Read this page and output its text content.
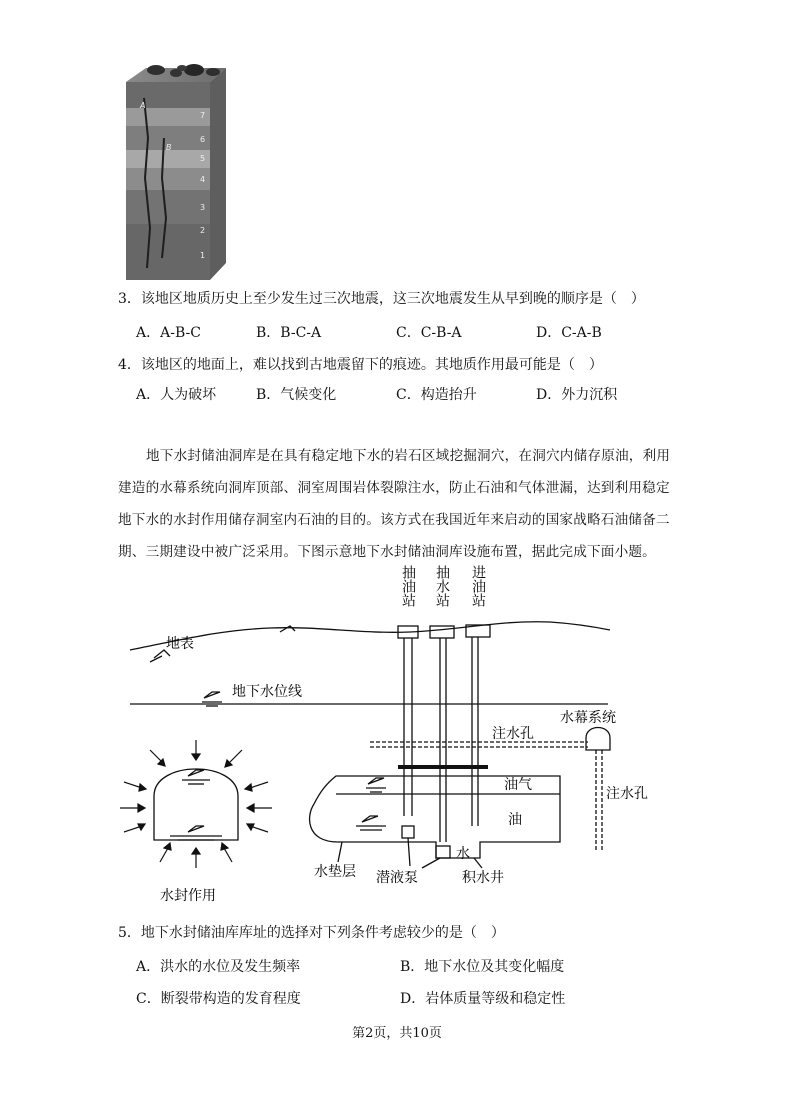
A
B
7
6
5
4
3
2
1
3．该地区地质历史上至少发生过三次地震，这三次地震发生从早到晚的顺序是（　）
A．A-B-C	B．B-C-A	C．C-B-A	D．C-A-B
4．该地区的地面上，难以找到古地震留下的痕迹。其地质作用最可能是（　）
A．人为破坏	B．气候变化	C．构造抬升	D．外力沉积
地下水封储油洞库是在具有稳定地下水的岩石区域挖掘洞穴，在洞穴内储存原油，利用建造的水幕系统向洞库顶部、洞室周围岩体裂隙注水，防止石油和气体泄漏，达到利用稳定地下水的水封作用储存洞室内石油的目的。该方式在我国近年来启动的国家战略石油储备二期、三期建设中被广泛采用。下图示意地下水封储油洞库设施布置，据此完成下面小题。
抽油站 抽水站 进油站
地表
地下水位线
注水孔
水幕系统
油气
油
水
注水孔
水垫层 潜液泵	积水井
水封作用
5．地下水封储油库库址的选择对下列条件考虑较少的是（　）
A．洪水的水位及发生频率	B．地下水位及其变化幅度
C．断裂带构造的发育程度	D．岩体质量等级和稳定性
第2页，共10页
